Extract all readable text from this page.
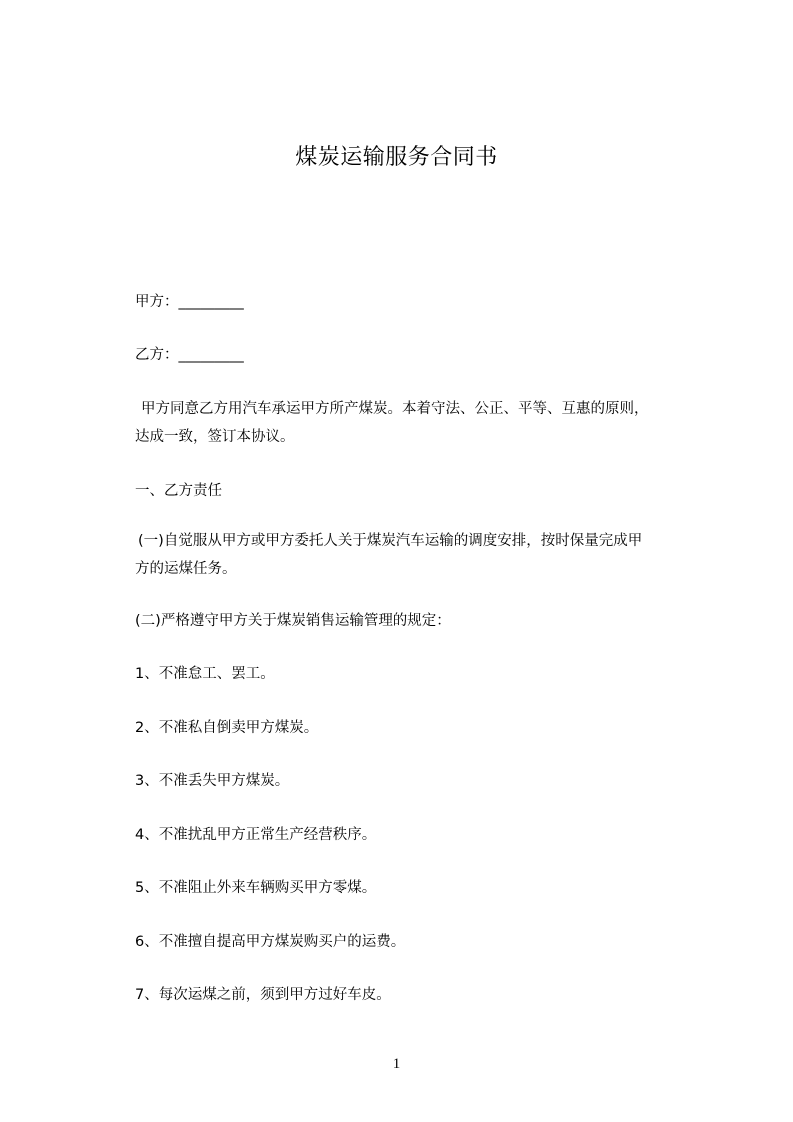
煤炭运输服务合同书

甲方：_________

乙方：_________

甲方同意乙方用汽车承运甲方所产煤炭。本着守法、公正、平等、互惠的原则，
达成一致，签订本协议。

一、乙方责任

(一)自觉服从甲方或甲方委托人关于煤炭汽车运输的调度安排，按时保量完成甲
方的运煤任务。

(二)严格遵守甲方关于煤炭销售运输管理的规定：

1、不准怠工、罢工。

2、不准私自倒卖甲方煤炭。

3、不准丢失甲方煤炭。

4、不准扰乱甲方正常生产经营秩序。

5、不准阻止外来车辆购买甲方零煤。

6、不准擅自提高甲方煤炭购买户的运费。

7、每次运煤之前，须到甲方过好车皮。

1
